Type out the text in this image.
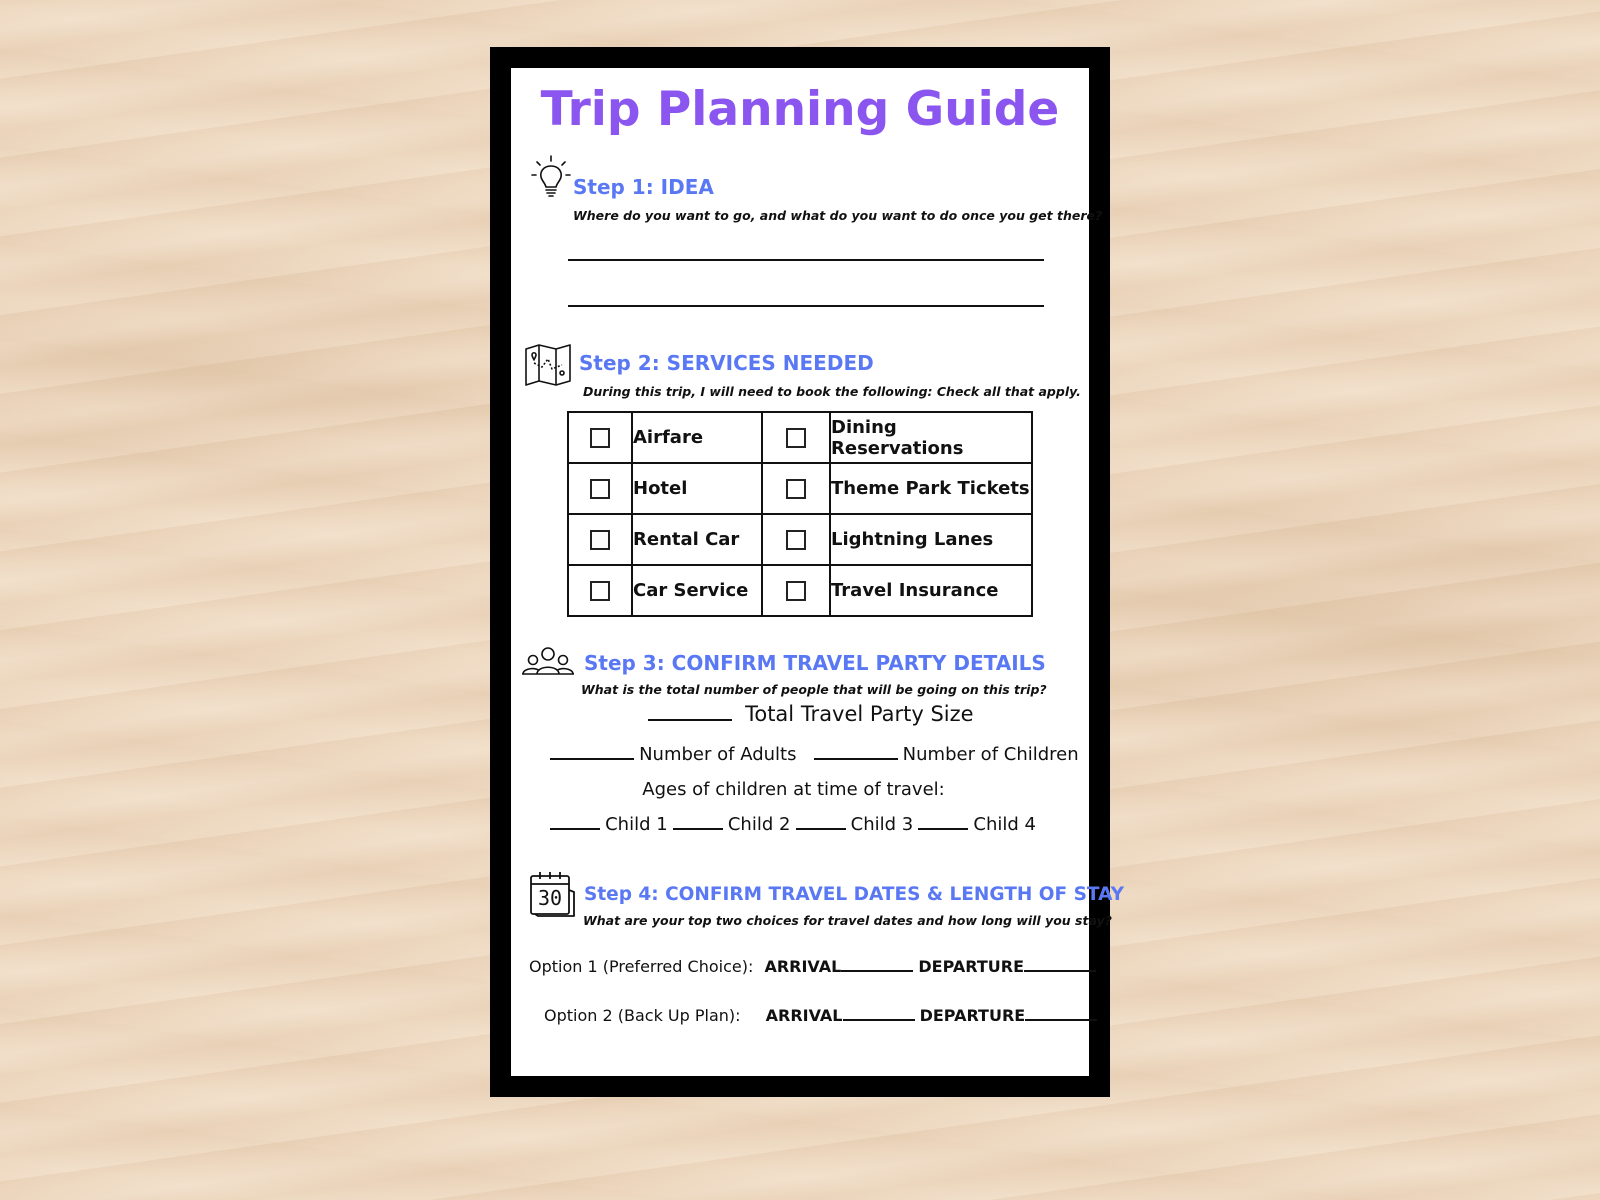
Trip Planning Guide
Step 1: IDEA
Where do you want to go, and what do you want to do once you get there?
Step 2: SERVICES NEEDED
During this trip, I will need to book the following: Check all that apply.
	Airfare		Dining Reservations
	Hotel		Theme Park Tickets
	Rental Car		Lightning Lanes
	Car Service		Travel Insurance
Step 3: CONFIRM TRAVEL PARTY DETAILS
What is the total number of people that will be going on this trip?
Total Travel Party Size
Number of Adults	Number of Children
Ages of children at time of travel:
Child 1	Child 2	Child 3	Child 4
30	Step 4: CONFIRM TRAVEL DATES & LENGTH OF STAY
What are your top two choices for travel dates and how long will you stay?
Option 1 (Preferred Choice): ARRIVAL	DEPARTURE
Option 2 (Back Up Plan): ARRIVAL	DEPARTURE
